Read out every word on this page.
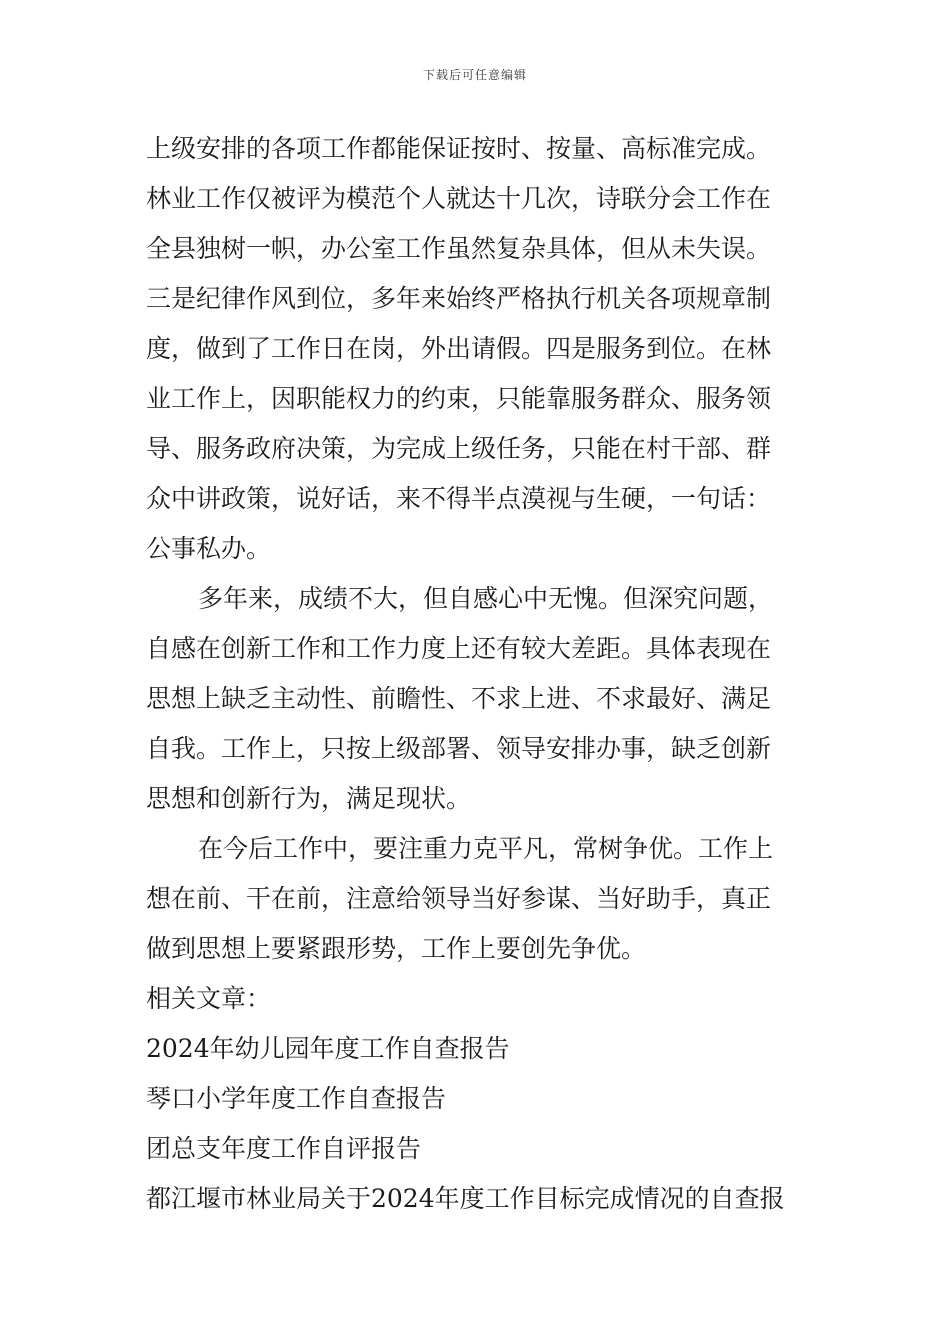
下载后可任意编辑
上级安排的各项工作都能保证按时、按量、高标准完成。
林业工作仅被评为模范个人就达十几次，诗联分会工作在
全县独树一帜，办公室工作虽然复杂具体，但从未失误。
三是纪律作风到位，多年来始终严格执行机关各项规章制
度，做到了工作日在岗，外出请假。四是服务到位。在林
业工作上，因职能权力的约束，只能靠服务群众、服务领
导、服务政府决策，为完成上级任务，只能在村干部、群
众中讲政策，说好话，来不得半点漠视与生硬，一句话：
公事私办。
多年来，成绩不大，但自感心中无愧。但深究问题，
自感在创新工作和工作力度上还有较大差距。具体表现在
思想上缺乏主动性、前瞻性、不求上进、不求最好、满足
自我。工作上，只按上级部署、领导安排办事，缺乏创新
思想和创新行为，满足现状。
在今后工作中，要注重力克平凡，常树争优。工作上
想在前、干在前，注意给领导当好参谋、当好助手，真正
做到思想上要紧跟形势，工作上要创先争优。
相关文章：
2024年幼儿园年度工作自查报告
琴口小学年度工作自查报告
团总支年度工作自评报告
都江堰市林业局关于2024年度工作目标完成情况的自查报
